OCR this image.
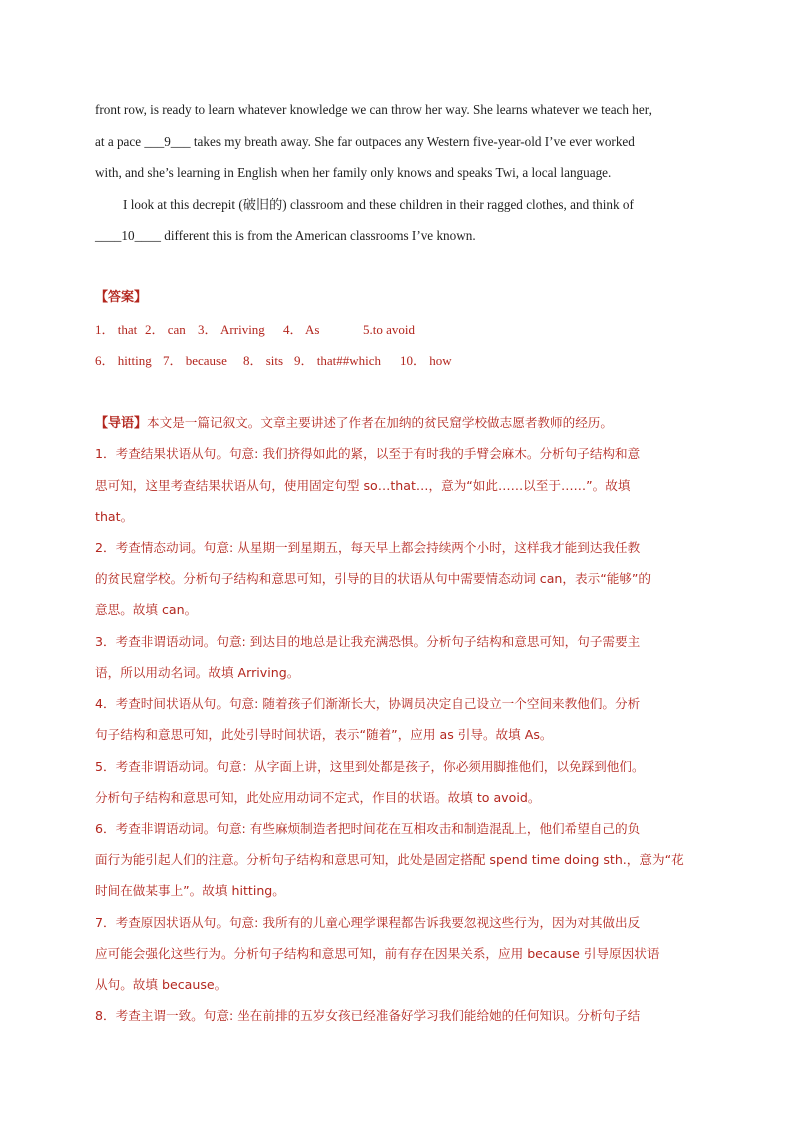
front row, is ready to learn whatever knowledge we can throw her way. She learns whatever we teach her,
at a pace ___9___ takes my breath away. She far outpaces any Western five-year-old I’ve ever worked
with, and she’s learning in English when her family only knows and speaks Twi, a local language.
I look at this decrepit (破旧的) classroom and these children in their ragged clothes, and think of
____10____ different this is from the American classrooms I’ve known.
【答案】
1． that 2． can 3． Arriving 4． As	5.to avoid
6． hitting 7． because 8． sits 9． that##which 10． how
【导语】本文是一篇记叙文。文章主要讲述了作者在加纳的贫民窟学校做志愿者教师的经历。
1．考查结果状语从句。句意: 我们挤得如此的紧，以至于有时我的手臂会麻木。分析句子结构和意
思可知，这里考查结果状语从句，使用固定句型 so…that…，意为“如此……以至于……”。故填
that。
2．考查情态动词。句意: 从星期一到星期五，每天早上都会持续两个小时，这样我才能到达我任教
的贫民窟学校。分析句子结构和意思可知，引导的目的状语从句中需要情态动词 can，表示“能够”的
意思。故填 can。
3．考查非谓语动词。句意: 到达目的地总是让我充满恐惧。分析句子结构和意思可知，句子需要主
语，所以用动名词。故填 Arriving。
4．考查时间状语从句。句意: 随着孩子们渐渐长大，协调员决定自己设立一个空间来教他们。分析
句子结构和意思可知，此处引导时间状语，表示“随着”，应用 as 引导。故填 As。
5．考查非谓语动词。句意：从字面上讲，这里到处都是孩子，你必须用脚推他们，以免踩到他们。
分析句子结构和意思可知，此处应用动词不定式，作目的状语。故填 to avoid。
6．考查非谓语动词。句意: 有些麻烦制造者把时间花在互相攻击和制造混乱上，他们希望自己的负
面行为能引起人们的注意。分析句子结构和意思可知，此处是固定搭配 spend time doing sth.，意为“花
时间在做某事上”。故填 hitting。
7．考查原因状语从句。句意: 我所有的儿童心理学课程都告诉我要忽视这些行为，因为对其做出反
应可能会强化这些行为。分析句子结构和意思可知，前有存在因果关系，应用 because 引导原因状语
从句。故填 because。
8．考查主谓一致。句意: 坐在前排的五岁女孩已经准备好学习我们能给她的任何知识。分析句子结
